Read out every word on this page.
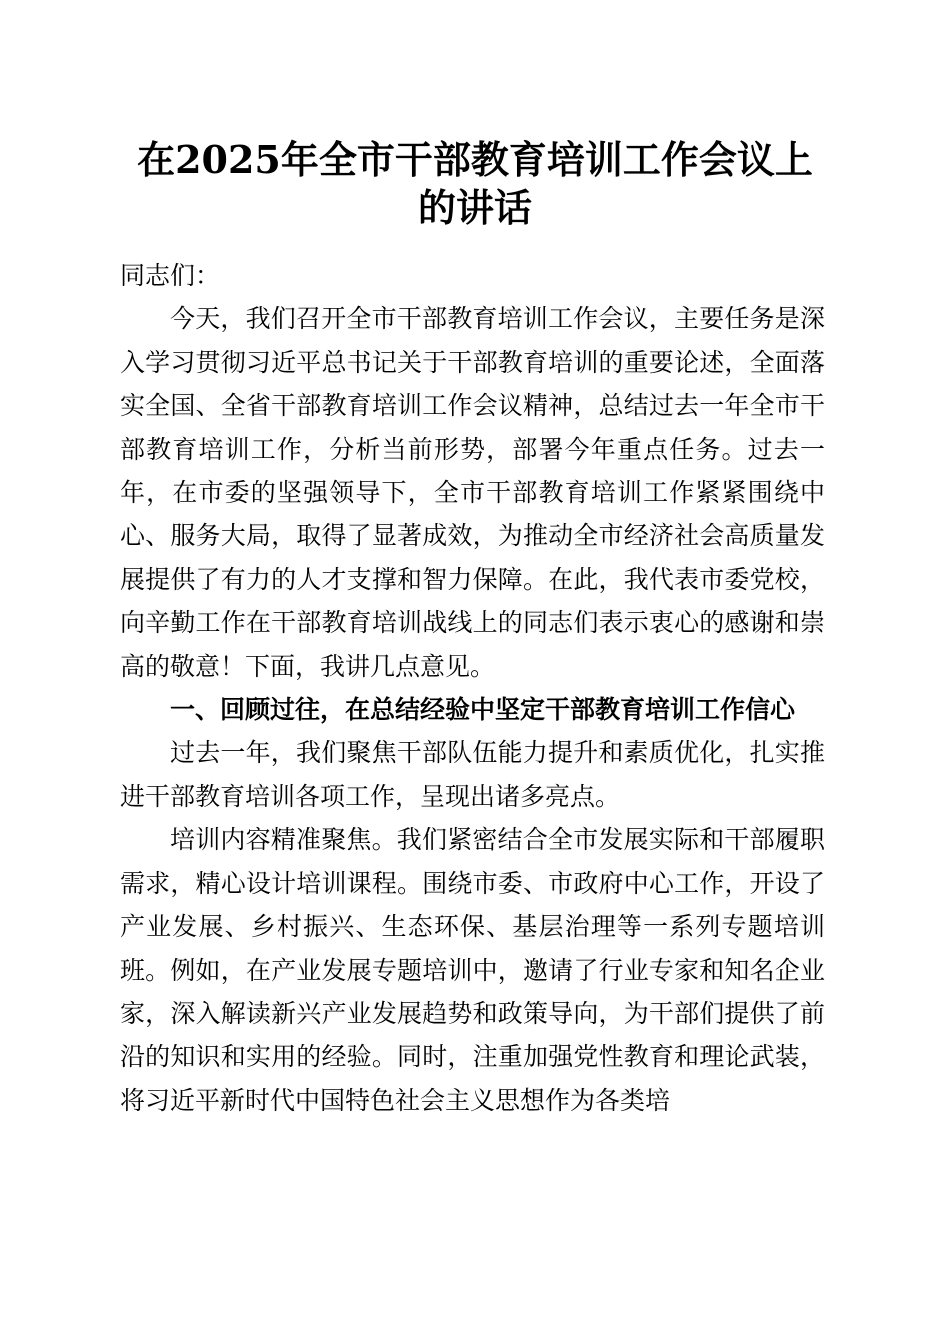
在2025年全市干部教育培训工作会议上的讲话

同志们：

今天，我们召开全市干部教育培训工作会议，主要任务是深入学习贯彻习近平总书记关于干部教育培训的重要论述，全面落实全国、全省干部教育培训工作会议精神，总结过去一年全市干部教育培训工作，分析当前形势，部署今年重点任务。过去一年，在市委的坚强领导下，全市干部教育培训工作紧紧围绕中心、服务大局，取得了显著成效，为推动全市经济社会高质量发展提供了有力的人才支撑和智力保障。在此，我代表市委党校，向辛勤工作在干部教育培训战线上的同志们表示衷心的感谢和崇高的敬意！下面，我讲几点意见。

一、回顾过往，在总结经验中坚定干部教育培训工作信心

过去一年，我们聚焦干部队伍能力提升和素质优化，扎实推进干部教育培训各项工作，呈现出诸多亮点。

培训内容精准聚焦。我们紧密结合全市发展实际和干部履职需求，精心设计培训课程。围绕市委、市政府中心工作，开设了产业发展、乡村振兴、生态环保、基层治理等一系列专题培训班。例如，在产业发展专题培训中，邀请了行业专家和知名企业家，深入解读新兴产业发展趋势和政策导向，为干部们提供了前沿的知识和实用的经验。同时，注重加强党性教育和理论武装，将习近平新时代中国特色社会主义思想作为各类培
